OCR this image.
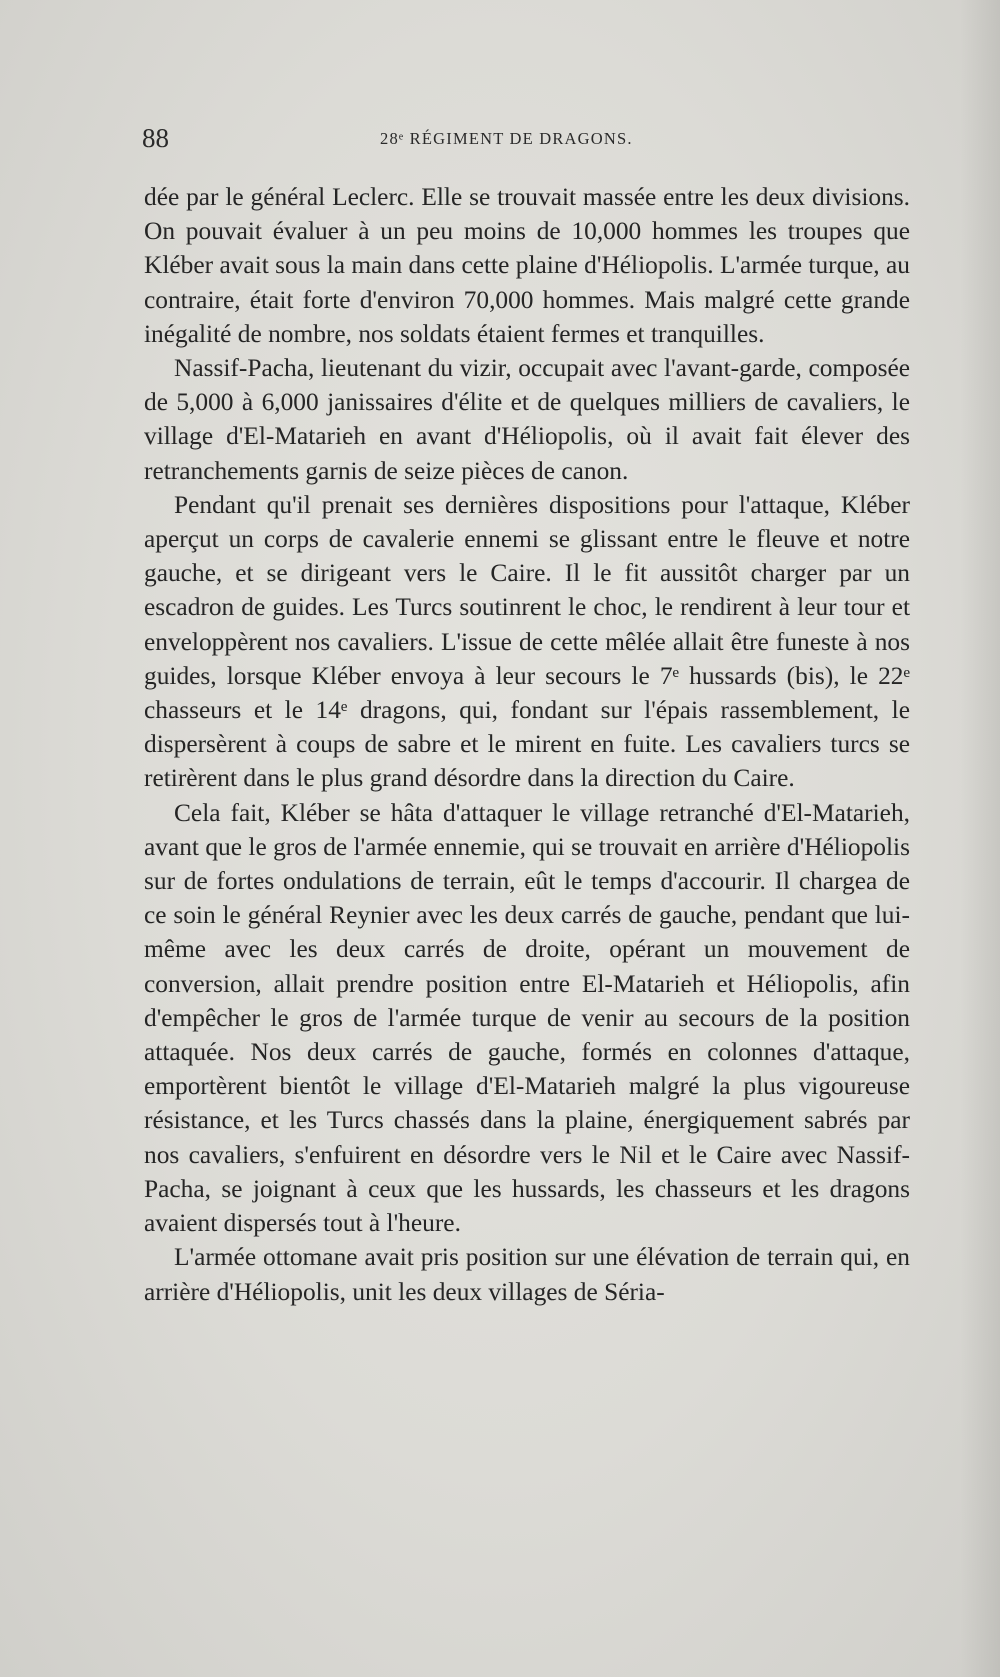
88	28ᵉ RÉGIMENT DE DRAGONS.

dée par le général Leclerc. Elle se trouvait massée entre les deux divisions. On pouvait évaluer à un peu moins de 10,000 hommes les troupes que Kléber avait sous la main dans cette plaine d'Héliopolis. L'armée turque, au contraire, était forte d'environ 70,000 hommes. Mais malgré cette grande inégalité de nombre, nos soldats étaient fermes et tranquilles.

Nassif-Pacha, lieutenant du vizir, occupait avec l'avant-garde, composée de 5,000 à 6,000 janissaires d'élite et de quelques milliers de cavaliers, le village d'El-Matarieh en avant d'Héliopolis, où il avait fait élever des retranchements garnis de seize pièces de canon.

Pendant qu'il prenait ses dernières dispositions pour l'attaque, Kléber aperçut un corps de cavalerie ennemi se glissant entre le fleuve et notre gauche, et se dirigeant vers le Caire. Il le fit aussitôt charger par un escadron de guides. Les Turcs soutinrent le choc, le rendirent à leur tour et enveloppèrent nos cavaliers. L'issue de cette mêlée allait être funeste à nos guides, lorsque Kléber envoya à leur secours le 7ᵉ hussards (bis), le 22ᵉ chasseurs et le 14ᵉ dragons, qui, fondant sur l'épais rassemblement, le dispersèrent à coups de sabre et le mirent en fuite. Les cavaliers turcs se retirèrent dans le plus grand désordre dans la direction du Caire.

Cela fait, Kléber se hâta d'attaquer le village retranché d'El-Matarieh, avant que le gros de l'armée ennemie, qui se trouvait en arrière d'Héliopolis sur de fortes ondulations de terrain, eût le temps d'accourir. Il chargea de ce soin le général Reynier avec les deux carrés de gauche, pendant que lui-même avec les deux carrés de droite, opérant un mouvement de conversion, allait prendre position entre El-Matarieh et Héliopolis, afin d'empêcher le gros de l'armée turque de venir au secours de la position attaquée. Nos deux carrés de gauche, formés en colonnes d'attaque, emportèrent bientôt le village d'El-Matarieh malgré la plus vigoureuse résistance, et les Turcs chassés dans la plaine, énergiquement sabrés par nos cavaliers, s'enfuirent en désordre vers le Nil et le Caire avec Nassif-Pacha, se joignant à ceux que les hussards, les chasseurs et les dragons avaient dispersés tout à l'heure.

L'armée ottomane avait pris position sur une élévation de terrain qui, en arrière d'Héliopolis, unit les deux villages de Séria-
